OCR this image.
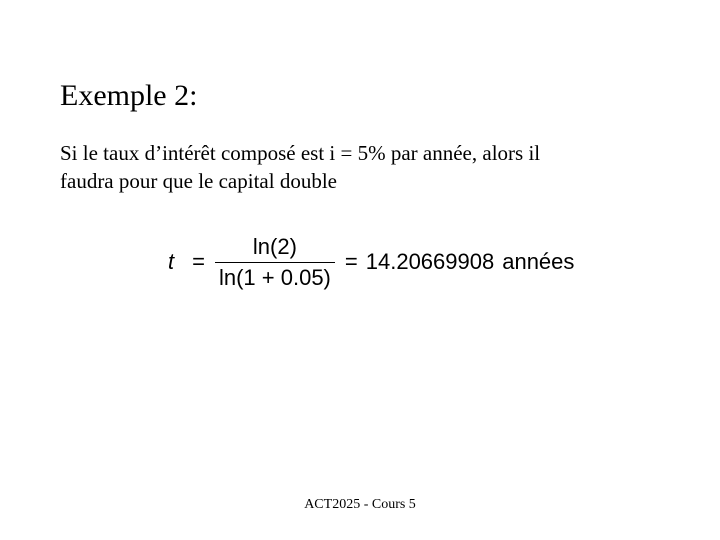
Exemple 2:
Si le taux d’intérêt composé est i = 5% par année, alors il
faudra pour que le capital double
$t = \frac{\ln(2)}{\ln(1 + 0.05)} = 14.20669908$ années
ACT2025 - Cours 5
